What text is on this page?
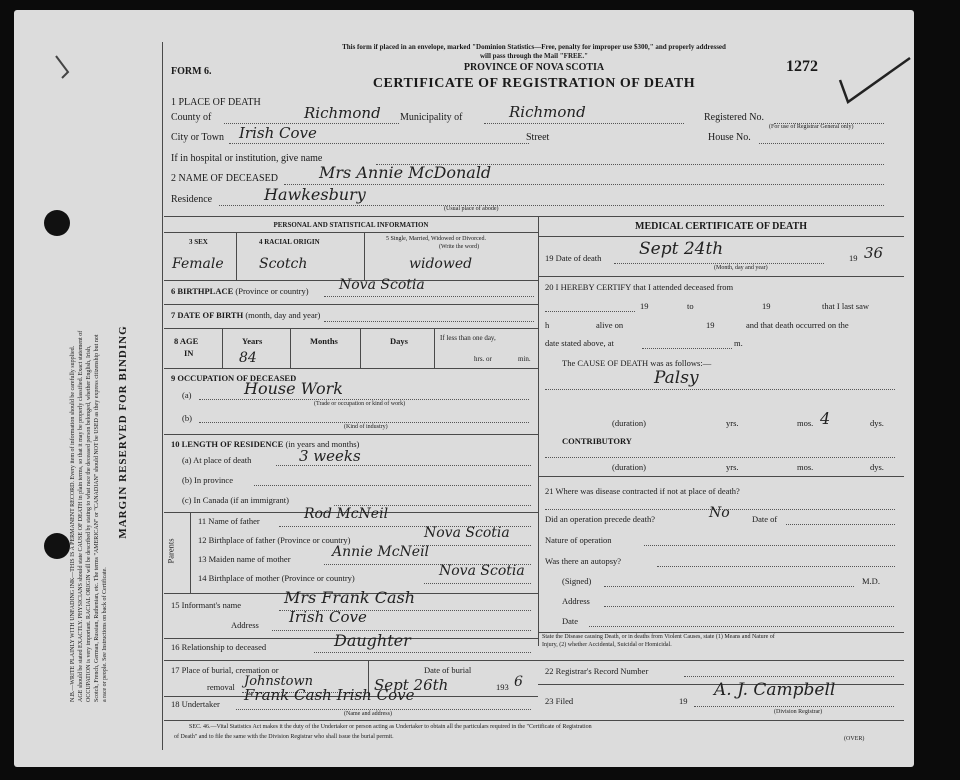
N.B.—WRITE PLAINLY WITH UNFADING INK—THIS IS A PERMANENT RECORD. Every item of information should be carefully supplied. AGE should be stated EXACTLY. PHYSICIANS should state CAUSE OF DEATH in plain terms, so that it may be properly classified. Exact statement of OCCUPATION is very important. RACIAL ORIGIN will be described by stating to what race the deceased person belonged, whether English, Irish, Scotch, French, German, Russian, Ruthenian, etc. The terms "AMERICAN" or "CANADIAN" should NOT be USED as they express citizenship but not a race or people. See Instructions on back of Certificate.
MARGIN RESERVED FOR BINDING
This form if placed in an envelope, marked "Dominion Statistics—Free, penalty for improper use $300," and properly addressed
will pass through the Mail "FREE."
PROVINCE OF NOVA SCOTIA
FORM 6.	1272
CERTIFICATE OF REGISTRATION OF DEATH
1 PLACE OF DEATH
County of	Richmond Municipality of	Richmond	Registered No.
(For use of Registrar General only)
City or Town Irish Cove	Street	House No.
If in hospital or institution, give name
2 NAME OF DECEASED	Mrs Annie McDonald
Residence	Hawkesbury
(Usual place of abode)
PERSONAL AND STATISTICAL INFORMATION
3 SEX	4 RACIAL ORIGIN	5 Single, Married, Widowed or Divorced.
(Write the word)
Female	Scotch	widowed
6 BIRTHPLACE (Province or country) Nova Scotia
7 DATE OF BIRTH (month, day and year)
8 AGE
IN
Years
84
Months	Days	If less than one day,
hrs. or	min.
9 OCCUPATION OF DECEASED
(a)	House Work
(Trade or occupation or kind of work)
(b)
(Kind of industry)
10 LENGTH OF RESIDENCE (in years and months)
(a) At place of death	3 weeks
(b) In province
(c) In Canada (if an immigrant)
Parents
11 Name of father	Rod McNeil
12 Birthplace of father (Province or country)	Nova Scotia
13 Maiden name of mother	Annie McNeil
14 Birthplace of mother (Province or country)	Nova Scotia
15 Informant's name	Mrs Frank Cash
Address Irish Cove
16 Relationship to deceased	Daughter
17 Place of burial, cremation or
removal Johnstown
Date of burial
Sept 26th	193 6
18 Undertaker Frank Cash Irish Cove
(Name and address)
MEDICAL CERTIFICATE OF DEATH
19 Date of death Sept 24th	19 36
(Month, day and year)
20 I HEREBY CERTIFY that I attended deceased from
19	to	19	that I last saw
h	alive on	19	and that death occurred on the
date stated above, at	m.
The CAUSE OF DEATH was as follows:—
Palsy
(duration)	yrs.	mos. 4	dys.
CONTRIBUTORY
(duration)	yrs.	mos.	dys.
21 Where was disease contracted if not at place of death?
Did an operation precede death?	No	Date of
Nature of operation
Was there an autopsy?
(Signed)	M.D.
Address
Date
State the Disease causing Death, or in deaths from Violent Causes, state (1) Means and Nature of
Injury, (2) whether Accidental, Suicidal or Homicidal.
22 Registrar's Record Number
23 Filed	19
A. J. Campbell
(Division Registrar)
SEC. 46.—Vital Statistics Act makes it the duty of the Undertaker or person acting as Undertaker to obtain all the particulars required in the "Certificate of Registration
of Death" and to file the same with the Division Registrar who shall issue the burial permit.	(OVER)
